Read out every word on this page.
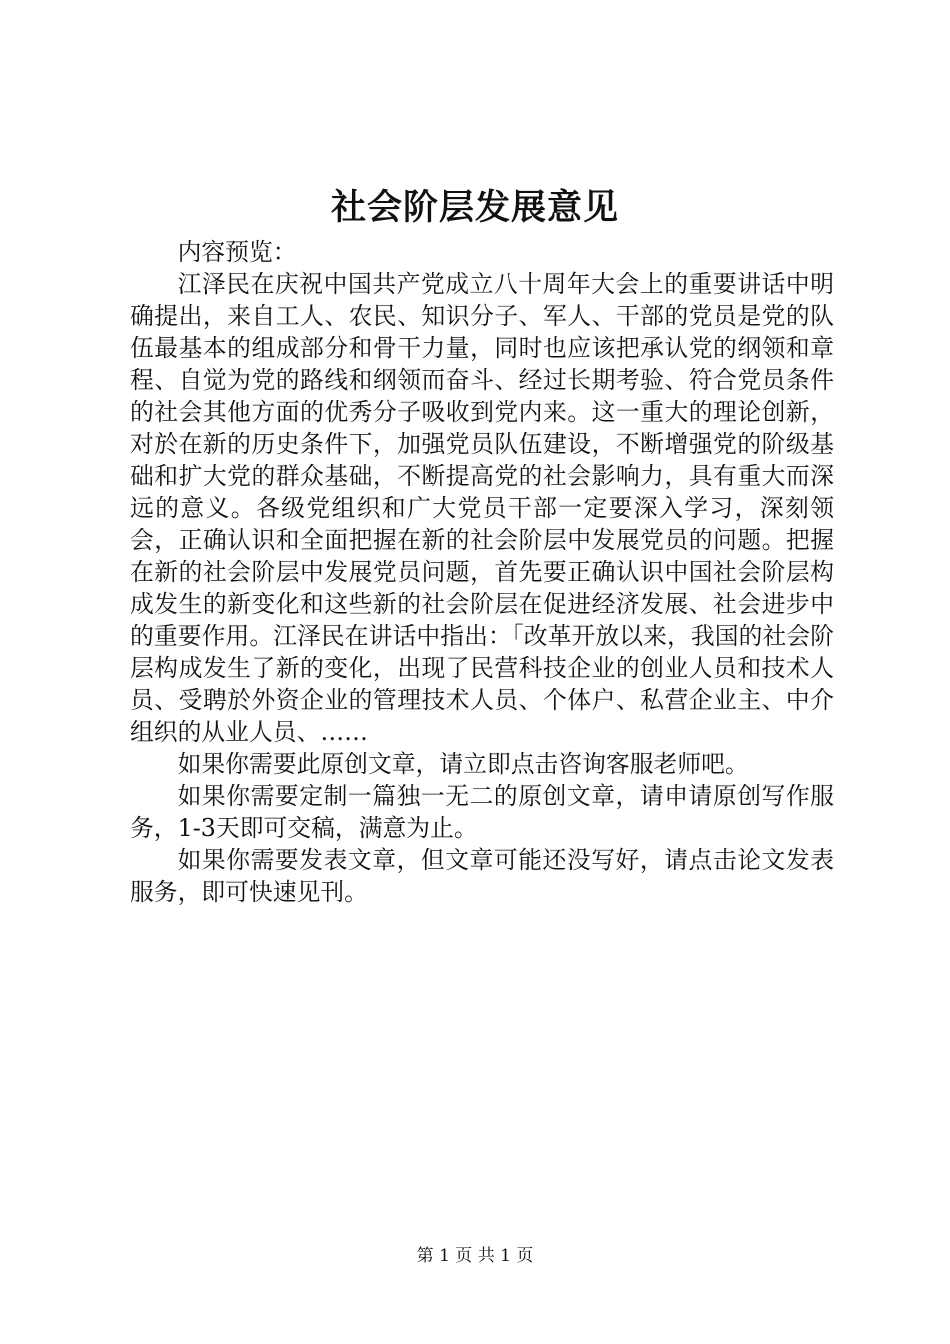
社会阶层发展意见

内容预览：

江泽民在庆祝中国共产党成立八十周年大会上的重要讲话中明确提出，来自工人、农民、知识分子、军人、干部的党员是党的队伍最基本的组成部分和骨干力量，同时也应该把承认党的纲领和章程、自觉为党的路线和纲领而奋斗、经过长期考验、符合党员条件的社会其他方面的优秀分子吸收到党内来。这一重大的理论创新，对於在新的历史条件下，加强党员队伍建设，不断增强党的阶级基础和扩大党的群众基础，不断提高党的社会影响力，具有重大而深远的意义。各级党组织和广大党员干部一定要深入学习，深刻领会，正确认识和全面把握在新的社会阶层中发展党员的问题。把握在新的社会阶层中发展党员问题，首先要正确认识中国社会阶层构成发生的新变化和这些新的社会阶层在促进经济发展、社会进步中的重要作用。江泽民在讲话中指出：「改革开放以来，我国的社会阶层构成发生了新的变化，出现了民营科技企业的创业人员和技术人员、受聘於外资企业的管理技术人员、个体户、私营企业主、中介组织的从业人员、……

如果你需要此原创文章，请立即点击咨询客服老师吧。

如果你需要定制一篇独一无二的原创文章，请申请原创写作服务，1-3天即可交稿，满意为止。

如果你需要发表文章，但文章可能还没写好，请点击论文发表服务，即可快速见刊。

第 1 页 共 1 页
